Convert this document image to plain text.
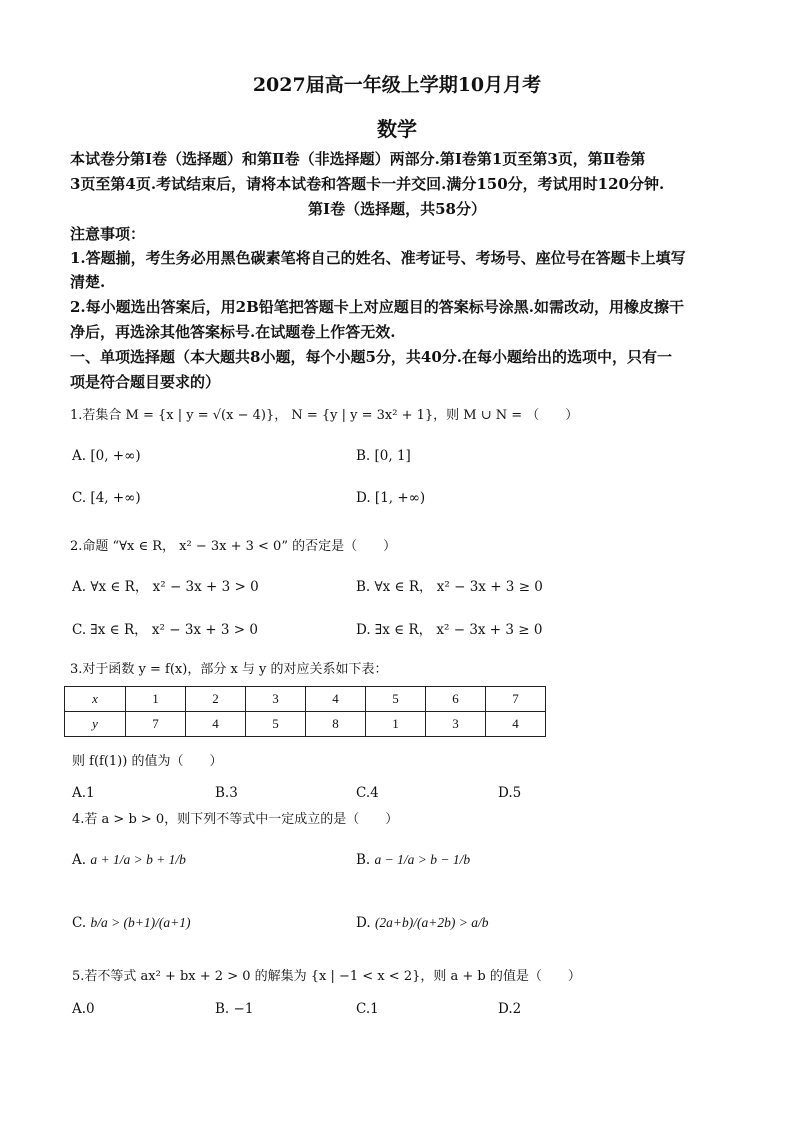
2027届高一年级上学期10月月考
数学
本试卷分第Ⅰ卷（选择题）和第Ⅱ卷（非选择题）两部分.第Ⅰ卷第1页至第3页，第Ⅱ卷第
3页至第4页.考试结束后，请将本试卷和答题卡一并交回.满分150分，考试用时120分钟.
第Ⅰ卷（选择题，共58分）
注意事项：
1.答题揃，考生务必用黑色碳素笔将自己的姓名、准考证号、考场号、座位号在答题卡上填写
清楚.
2.每小题选出答案后，用2B铅笔把答题卡上对应题目的答案标号涂黑.如需改动，用橡皮擦干
净后，再选涂其他答案标号.在试题卷上作答无效.
一、单项选择题（本大题共8小题，每个小题5分，共40分.在每小题给出的选项中，只有一
项是符合题目要求的）
1.若集合 M = {x | y = √(x − 4)}， N = {y | y = 3x² + 1}，则 M ∪ N = （　　）
A. [0, +∞)	B. [0, 1]
C. [4, +∞)	D. [1, +∞)
2.命题 “∀x ∈ R， x² − 3x + 3 < 0” 的否定是（　　）
A. ∀x ∈ R， x² − 3x + 3 > 0	B. ∀x ∈ R， x² − 3x + 3 ≥ 0
C. ∃x ∈ R， x² − 3x + 3 > 0	D. ∃x ∈ R， x² − 3x + 3 ≥ 0
3.对于函数 y = f(x)，部分 x 与 y 的对应关系如下表：
x	1	2	3	4	5	6	7
y	7	4	5	8	1	3	4
则 f(f(1)) 的值为（　　）
A.1	B.3	C.4	D.5
4.若 a > b > 0，则下列不等式中一定成立的是（　　）
A. a + 1/a > b + 1/b	B. a − 1/a > b − 1/b
C. b/a > (b+1)/(a+1)	D. (2a+b)/(a+2b) > a/b
5.若不等式 ax² + bx + 2 > 0 的解集为 {x | −1 < x < 2}，则 a + b 的值是（　　）
A.0	B. −1	C.1	D.2
